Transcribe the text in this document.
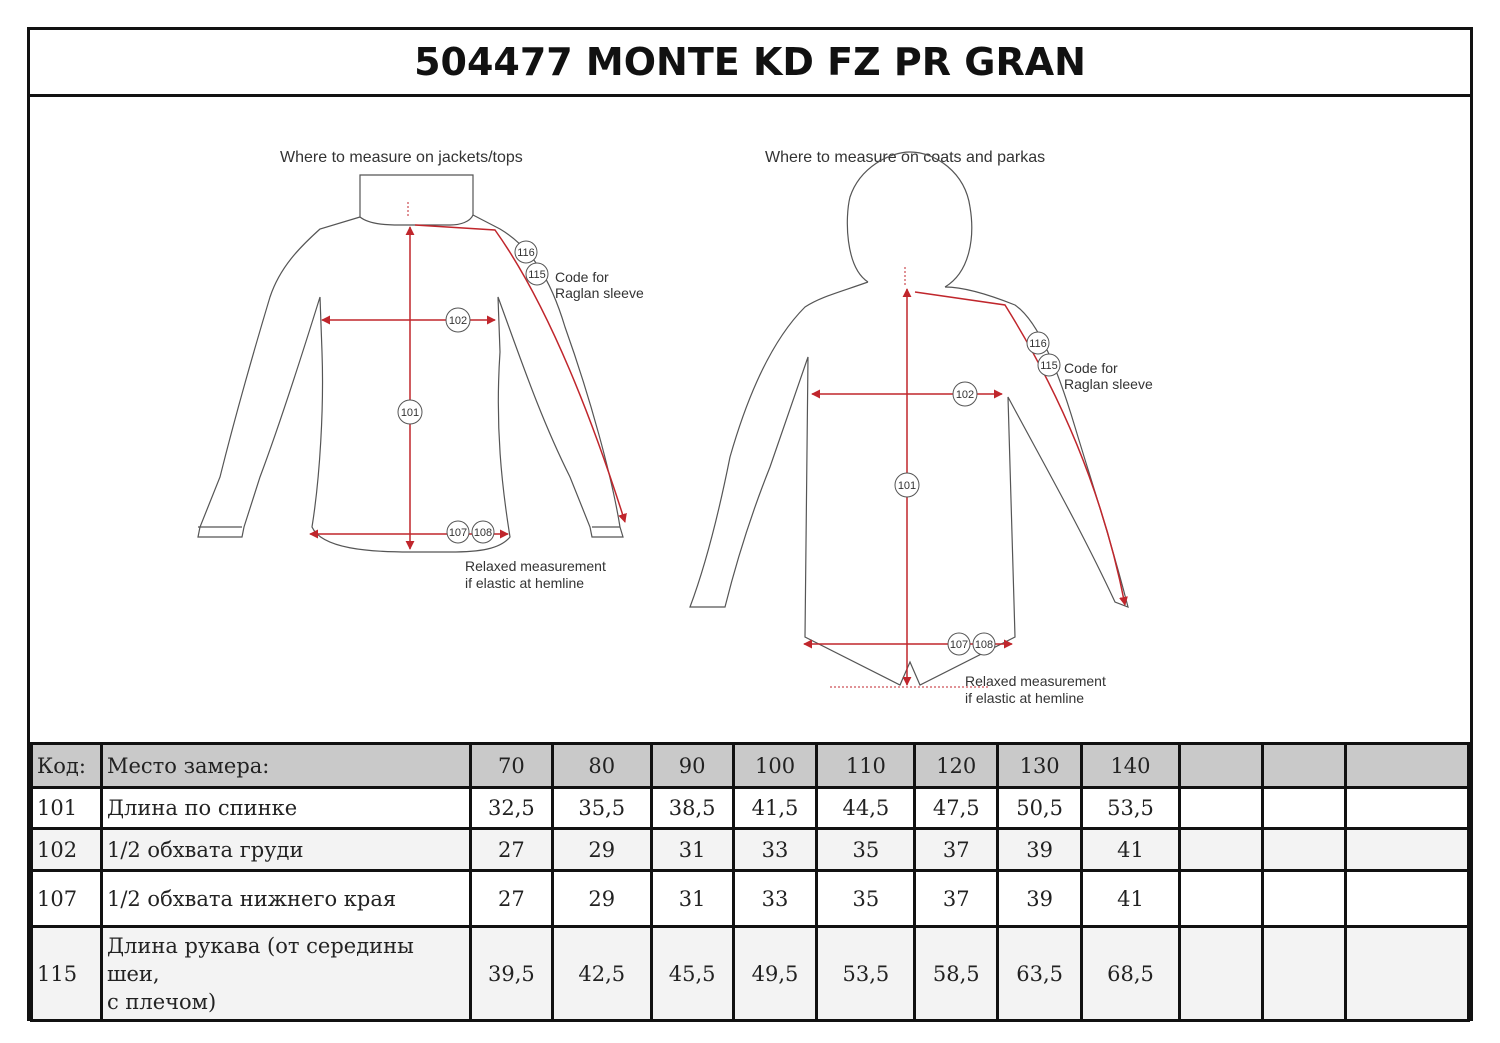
504477 MONTE KD FZ PR GRAN
Where to measure on jackets/tops	Where to measure on coats and parkas
116
115
102
101
107 108
Code for
Raglan sleeve
Relaxed measurement
if elastic at hemline
116
115
102
101
107 108
Code for
Raglan sleeve
Relaxed measurement
if elastic at hemline
Код:	Место замера:	70	80	90	100	110	120	130	140			
101	Длина по спинке	32,5	35,5	38,5	41,5	44,5	47,5	50,5	53,5			
102	1/2 обхвата груди	27	29	31	33	35	37	39	41			
107	1/2 обхвата нижнего края	27	29	31	33	35	37	39	41			
115	Длина рукава (от середины шеи,
с плечом)	39,5	42,5	45,5	49,5	53,5	58,5	63,5	68,5			
